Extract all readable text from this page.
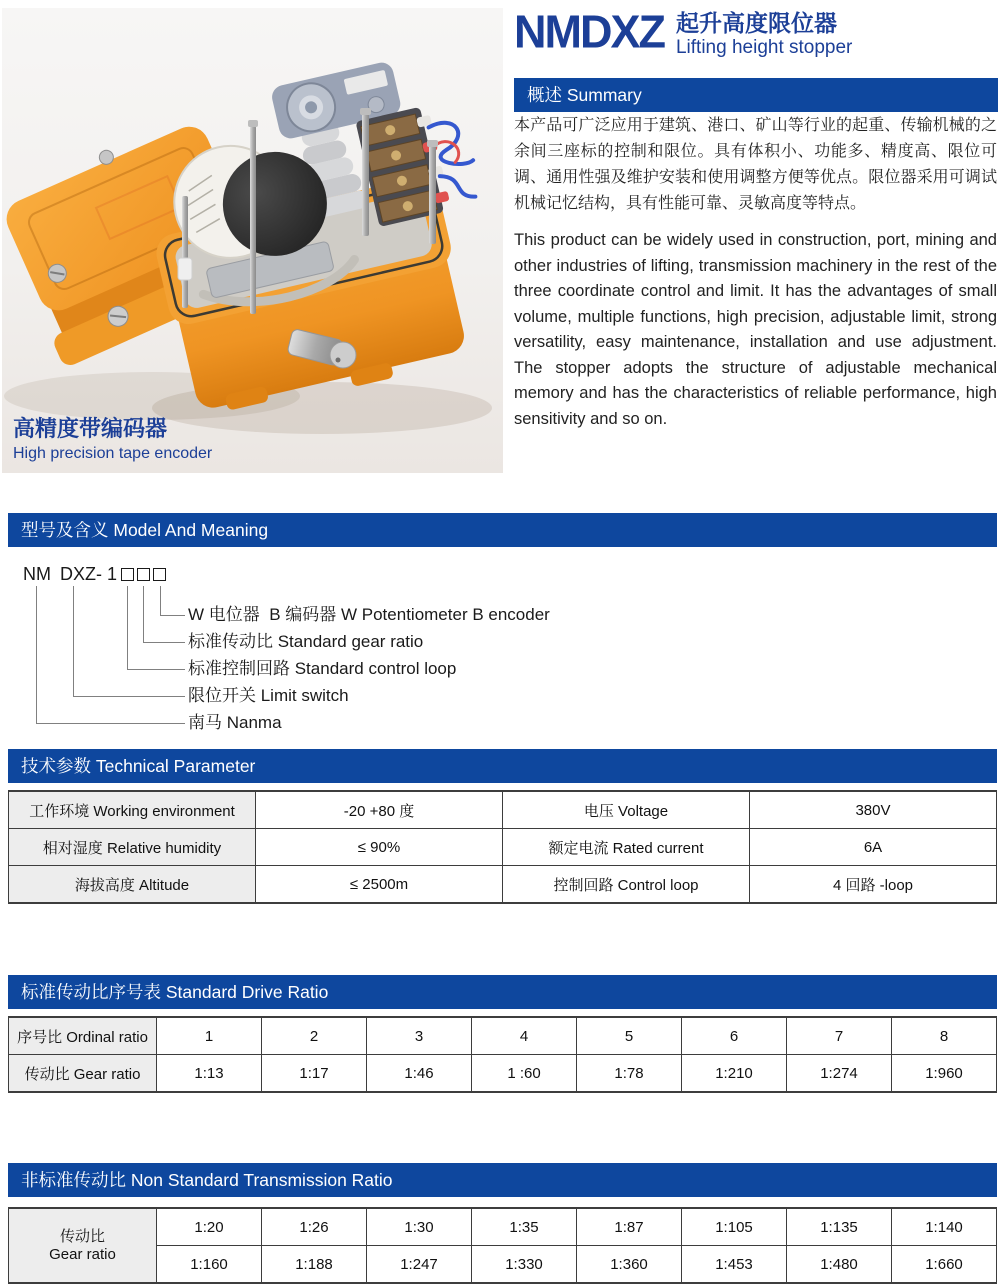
高精度带编码器
High precision tape encoder
NMDXZ 起升高度限位器
Lifting height stopper
概述 Summary

本产品可广泛应用于建筑、港口、矿山等行业的起重、传输机械的之余间三座标的控制和限位。具有体积小、功能多、精度高、限位可调、通用性强及维护安装和使用调整方便等优点。限位器采用可调试机械记忆结构，具有性能可靠、灵敏高度等特点。

This product can be widely used in construction, port, mining and other industries of lifting, transmission machinery in the rest of the three coordinate control and limit. It has the advantages of small volume, multiple functions, high precision, adjustable limit, strong versatility, easy maintenance, installation and use adjustment. The stopper adopts the structure of adjustable mechanical memory and has the characteristics of reliable performance, high sensitivity and so on.

型号及含义 Model And Meaning
NM DXZ - 1
W 电位器  B 编码器 W Potentiometer B encoder
标准传动比 Standard gear ratio
标准控制回路 Standard control loop
限位开关 Limit switch
南马 Nanma
技术参数 Technical Parameter
工作环境 Working environment	-20 +80 度	电压 Voltage	380V
相对湿度 Relative humidity	≤ 90%	额定电流 Rated current	6A
海拔高度 Altitude	≤ 2500m	控制回路 Control loop	4 回路 -loop
标准传动比序号表 Standard Drive Ratio
序号比 Ordinal ratio	1	2	3	4	5	6	7	8
传动比 Gear ratio	1:13	1:17	1:46	1 :60	1:78	1:210	1:274	1:960
非标准传动比 Non Standard Transmission Ratio
传动比
Gear ratio	1:20	1:26	1:30	1:35	1:87	1:105	1:135	1:140
	1:160	1:188	1:247	1:330	1:360	1:453	1:480	1:660
